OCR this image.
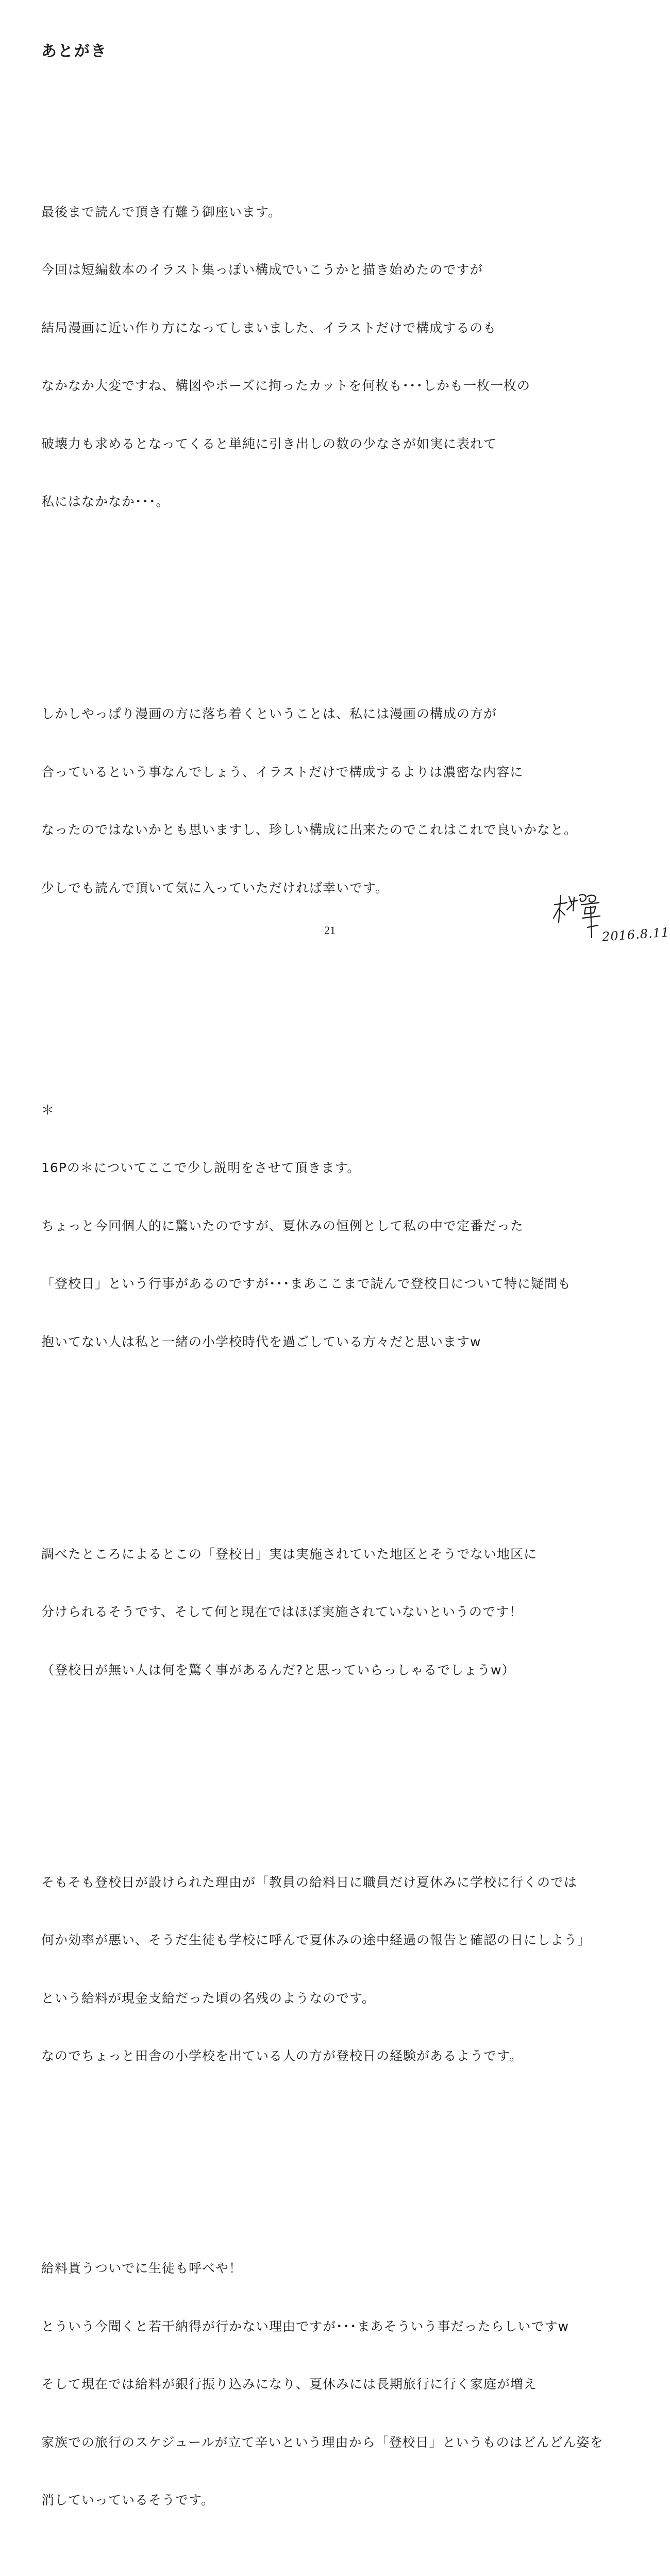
あとがき

最後まで読んで頂き有難う御座います。

今回は短編数本のイラスト集っぽい構成でいこうかと描き始めたのですが

結局漫画に近い作り方になってしまいました、イラストだけで構成するのも

なかなか大変ですね、構図やポーズに拘ったカットを何枚も･･･しかも一枚一枚の

破壊力も求めるとなってくると単純に引き出しの数の少なさが如実に表れて

私にはなかなか･･･。

しかしやっぱり漫画の方に落ち着くということは、私には漫画の構成の方が

合っているという事なんでしょう、イラストだけで構成するよりは濃密な内容に

なったのではないかとも思いますし、珍しい構成に出来たのでこれはこれで良いかなと。

少しでも読んで頂いて気に入っていただければ幸いです。

＊

16Pの＊についてここで少し説明をさせて頂きます。

ちょっと今回個人的に驚いたのですが、夏休みの恒例として私の中で定番だった

「登校日」という行事があるのですが･･･まあここまで読んで登校日について特に疑問も

抱いてない人は私と一緒の小学校時代を過ごしている方々だと思いますw

調べたところによるとこの「登校日」実は実施されていた地区とそうでない地区に

分けられるそうです、そして何と現在ではほぼ実施されていないというのです！

（登校日が無い人は何を驚く事があるんだ?と思っていらっしゃるでしょうw）

そもそも登校日が設けられた理由が「教員の給料日に職員だけ夏休みに学校に行くのでは

何か効率が悪い、そうだ生徒も学校に呼んで夏休みの途中経過の報告と確認の日にしよう」

という給料が現金支給だった頃の名残のようなのです。

なのでちょっと田舎の小学校を出ている人の方が登校日の経験があるようです。

給料貰うついでに生徒も呼べや！

とういう今聞くと若干納得が行かない理由ですが･･･まあそういう事だったらしいですw

そして現在では給料が銀行振り込みになり、夏休みには長期旅行に行く家庭が増え

家族での旅行のスケジュールが立て辛いという理由から「登校日」というものはどんどん姿を

消していっているそうです。

2016.8.11
21
